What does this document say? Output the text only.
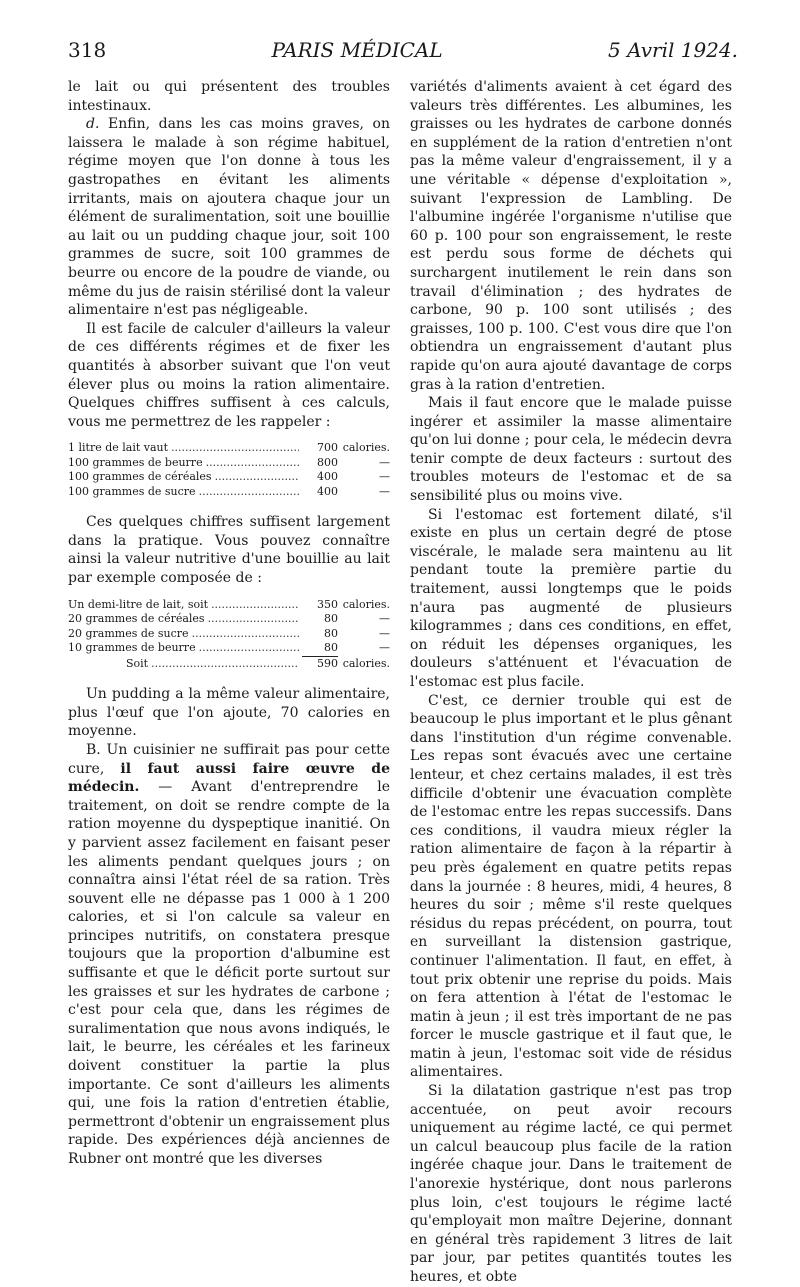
318	PARIS MÉDICAL	5 Avril 1924.

le lait ou qui présentent des troubles intestinaux.

d. Enfin, dans les cas moins graves, on laissera le malade à son régime habituel, régime moyen que l'on donne à tous les gastropathes en évitant les aliments irritants, mais on ajoutera chaque jour un élément de suralimentation, soit une bouillie au lait ou un pudding chaque jour, soit 100 grammes de sucre, soit 100 grammes de beurre ou encore de la poudre de viande, ou même du jus de raisin stérilisé dont la valeur alimentaire n'est pas négligeable.

Il est facile de calculer d'ailleurs la valeur de ces différents régimes et de fixer les quantités à absorber suivant que l'on veut élever plus ou moins la ration alimentaire. Quelques chiffres suffisent à ces calculs, vous me permettrez de les rappeler :

1 litre de lait vaut .....	700 calories.
100 grammes de beurre .....	800	—
100 grammes de céréales .....	400	—
100 grammes de sucre .....	400	—

Ces quelques chiffres suffisent largement dans la pratique. Vous pouvez connaître ainsi la valeur nutritive d'une bouillie au lait par exemple composée de :

Un demi-litre de lait, soit .....	350 calories.
20 grammes de céréales .....	80	—
20 grammes de sucre .....	80	—
10 grammes de beurre .....	80	—
Soit .....	590 calories.

Un pudding a la même valeur alimentaire, plus l'œuf que l'on ajoute, 70 calories en moyenne.

B. Un cuisinier ne suffirait pas pour cette cure, il faut aussi faire œuvre de médecin. — Avant d'entreprendre le traitement, on doit se rendre compte de la ration moyenne du dyspeptique inanitié. On y parvient assez facilement en faisant peser les aliments pendant quelques jours ; on connaîtra ainsi l'état réel de sa ration. Très souvent elle ne dépasse pas 1 000 à 1 200 calories, et si l'on calcule sa valeur en principes nutritifs, on constatera presque toujours que la proportion d'albumine est suffisante et que le déficit porte surtout sur les graisses et sur les hydrates de carbone ; c'est pour cela que, dans les régimes de suralimentation que nous avons indiqués, le lait, le beurre, les céréales et les farineux doivent constituer la partie la plus importante. Ce sont d'ailleurs les aliments qui, une fois la ration d'entretien établie, permettront d'obtenir un engraissement plus rapide. Des expériences déjà anciennes de Rubner ont montré que les diverses

variétés d'aliments avaient à cet égard des valeurs très différentes. Les albumines, les graisses ou les hydrates de carbone donnés en supplément de la ration d'entretien n'ont pas la même valeur d'engraissement, il y a une véritable « dépense d'exploitation », suivant l'expression de Lambling. De l'albumine ingérée l'organisme n'utilise que 60 p. 100 pour son engraissement, le reste est perdu sous forme de déchets qui surchargent inutilement le rein dans son travail d'élimination ; des hydrates de carbone, 90 p. 100 sont utilisés ; des graisses, 100 p. 100. C'est vous dire que l'on obtiendra un engraissement d'autant plus rapide qu'on aura ajouté davantage de corps gras à la ration d'entretien.

Mais il faut encore que le malade puisse ingérer et assimiler la masse alimentaire qu'on lui donne ; pour cela, le médecin devra tenir compte de deux facteurs : surtout des troubles moteurs de l'estomac et de sa sensibilité plus ou moins vive.

Si l'estomac est fortement dilaté, s'il existe en plus un certain degré de ptose viscérale, le malade sera maintenu au lit pendant toute la première partie du traitement, aussi longtemps que le poids n'aura pas augmenté de plusieurs kilogrammes ; dans ces conditions, en effet, on réduit les dépenses organiques, les douleurs s'atténuent et l'évacuation de l'estomac est plus facile.

C'est, ce dernier trouble qui est de beaucoup le plus important et le plus gênant dans l'institution d'un régime convenable. Les repas sont évacués avec une certaine lenteur, et chez certains malades, il est très difficile d'obtenir une évacuation complète de l'estomac entre les repas successifs. Dans ces conditions, il vaudra mieux régler la ration alimentaire de façon à la répartir à peu près également en quatre petits repas dans la journée : 8 heures, midi, 4 heures, 8 heures du soir ; même s'il reste quelques résidus du repas précédent, on pourra, tout en surveillant la distension gastrique, continuer l'alimentation. Il faut, en effet, à tout prix obtenir une reprise du poids. Mais on fera attention à l'état de l'estomac le matin à jeun ; il est très important de ne pas forcer le muscle gastrique et il faut que, le matin à jeun, l'estomac soit vide de résidus alimentaires.

Si la dilatation gastrique n'est pas trop accentuée, on peut avoir recours uniquement au régime lacté, ce qui permet un calcul beaucoup plus facile de la ration ingérée chaque jour. Dans le traitement de l'anorexie hystérique, dont nous parlerons plus loin, c'est toujours le régime lacté qu'employait mon maître Dejerine, donnant en général très rapidement 3 litres de lait par jour, par petites quantités toutes les heures, et obte
